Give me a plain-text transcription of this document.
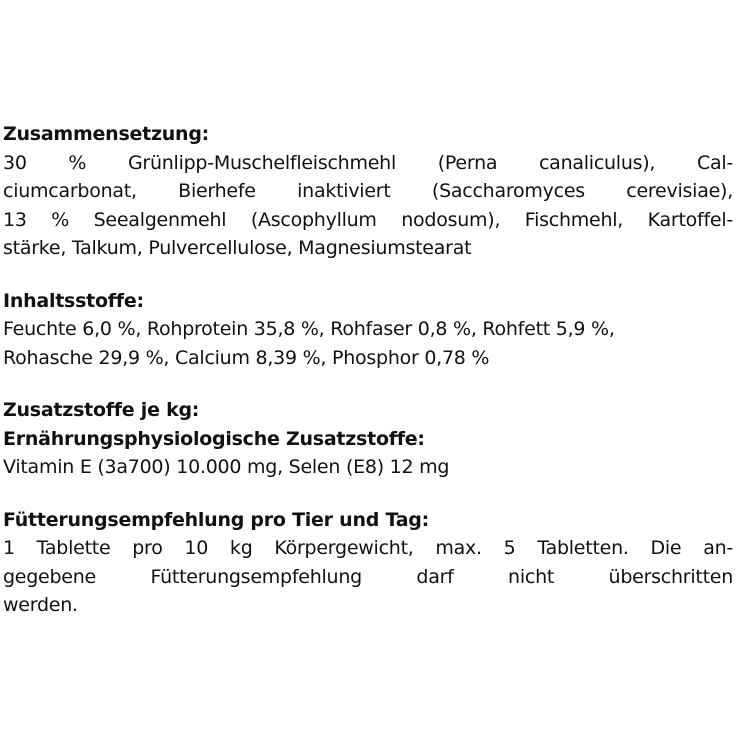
Zusammensetzung:
30 % Grünlipp-Muschelfleischmehl (Perna canaliculus), Cal-
ciumcarbonat, Bierhefe inaktiviert (Saccharomyces cerevisiae),
13 % Seealgenmehl (Ascophyllum nodosum), Fischmehl, Kartoffel-
stärke, Talkum, Pulvercellulose, Magnesiumstearat
Inhaltsstoffe:
Feuchte 6,0 %, Rohprotein 35,8 %, Rohfaser 0,8 %, Rohfett 5,9 %,
Rohasche 29,9 %, Calcium 8,39 %, Phosphor 0,78 %
Zusatzstoffe je kg:
Ernährungsphysiologische Zusatzstoffe:
Vitamin E (3a700) 10.000 mg, Selen (E8) 12 mg
Fütterungsempfehlung pro Tier und Tag:
1 Tablette pro 10 kg Körpergewicht, max. 5 Tabletten. Die an-
gegebene Fütterungsempfehlung darf nicht überschritten
werden.
